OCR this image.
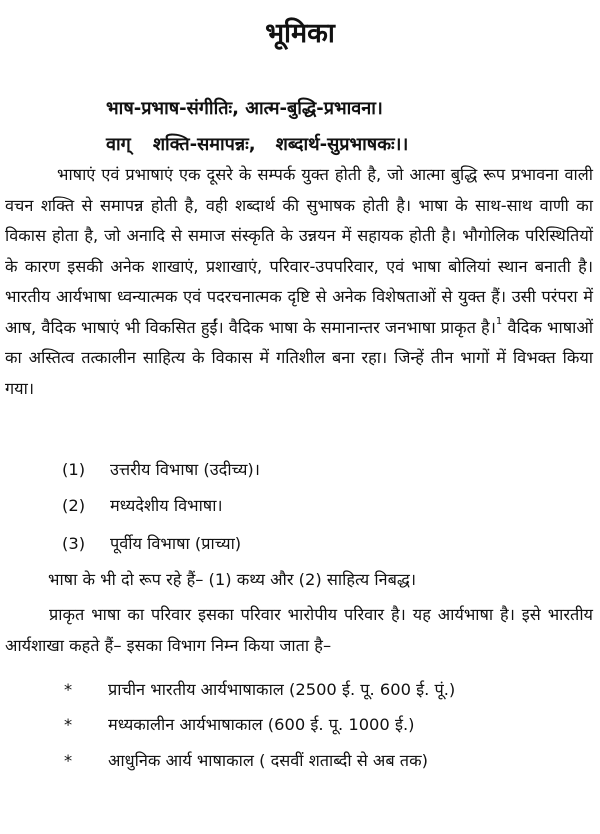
भूमिका
भाष-प्रभाष-संगीतिः, आत्म-बुद्धि-प्रभावना।
वाग् शक्ति-समापन्नः, शब्दार्थ-सुप्रभाषकः।।
भाषाएं एवं प्रभाषाएं एक दूसरे के सम्पर्क युक्त होती है, जो आत्मा बुद्धि रूप प्रभावना वाली वचन शक्ति से समापन्न होती है, वही शब्दार्थ की सुभाषक होती है। भाषा के साथ-साथ वाणी का विकास होता है, जो अनादि से समाज संस्कृति के उन्नयन में सहायक होती है। भौगोलिक परिस्थितियों के कारण इसकी अनेक शाखाएं, प्रशाखाएं, परिवार-उपपरिवार, एवं भाषा बोलियां स्थान बनाती है। भारतीय आर्यभाषा ध्वन्यात्मक एवं पदरचनात्मक दृष्टि से अनेक विशेषताओं से युक्त हैं। उसी परंपरा में आष, वैदिक भाषाएं भी विकसित हुईं। वैदिक भाषा के समानान्तर जनभाषा प्राकृत है।$^1$ वैदिक भाषाओं का अस्तित्व तत्कालीन साहित्य के विकास में गतिशील बना रहा। जिन्हें तीन भागों में विभक्त किया गया।
(1) उत्तरीय विभाषा (उदीच्य)।
(2) मध्यदेशीय विभाषा।
(3) पूर्वीय विभाषा (प्राच्या)
भाषा के भी दो रूप रहे हैं– (1) कथ्य और (2) साहित्य निबद्ध।
प्राकृत भाषा का परिवार इसका परिवार भारोपीय परिवार है। यह आर्यभाषा है। इसे भारतीय आर्यशाखा कहते हैं– इसका विभाग निम्न किया जाता है–
* प्राचीन भारतीय आर्यभाषाकाल (2500 ई. पू. 600 ई. पूं.)
* मध्यकालीन आर्यभाषाकाल (600 ई. पू. 1000 ई.)
* आधुनिक आर्य भाषाकाल ( दसवीं शताब्दी से अब तक)
